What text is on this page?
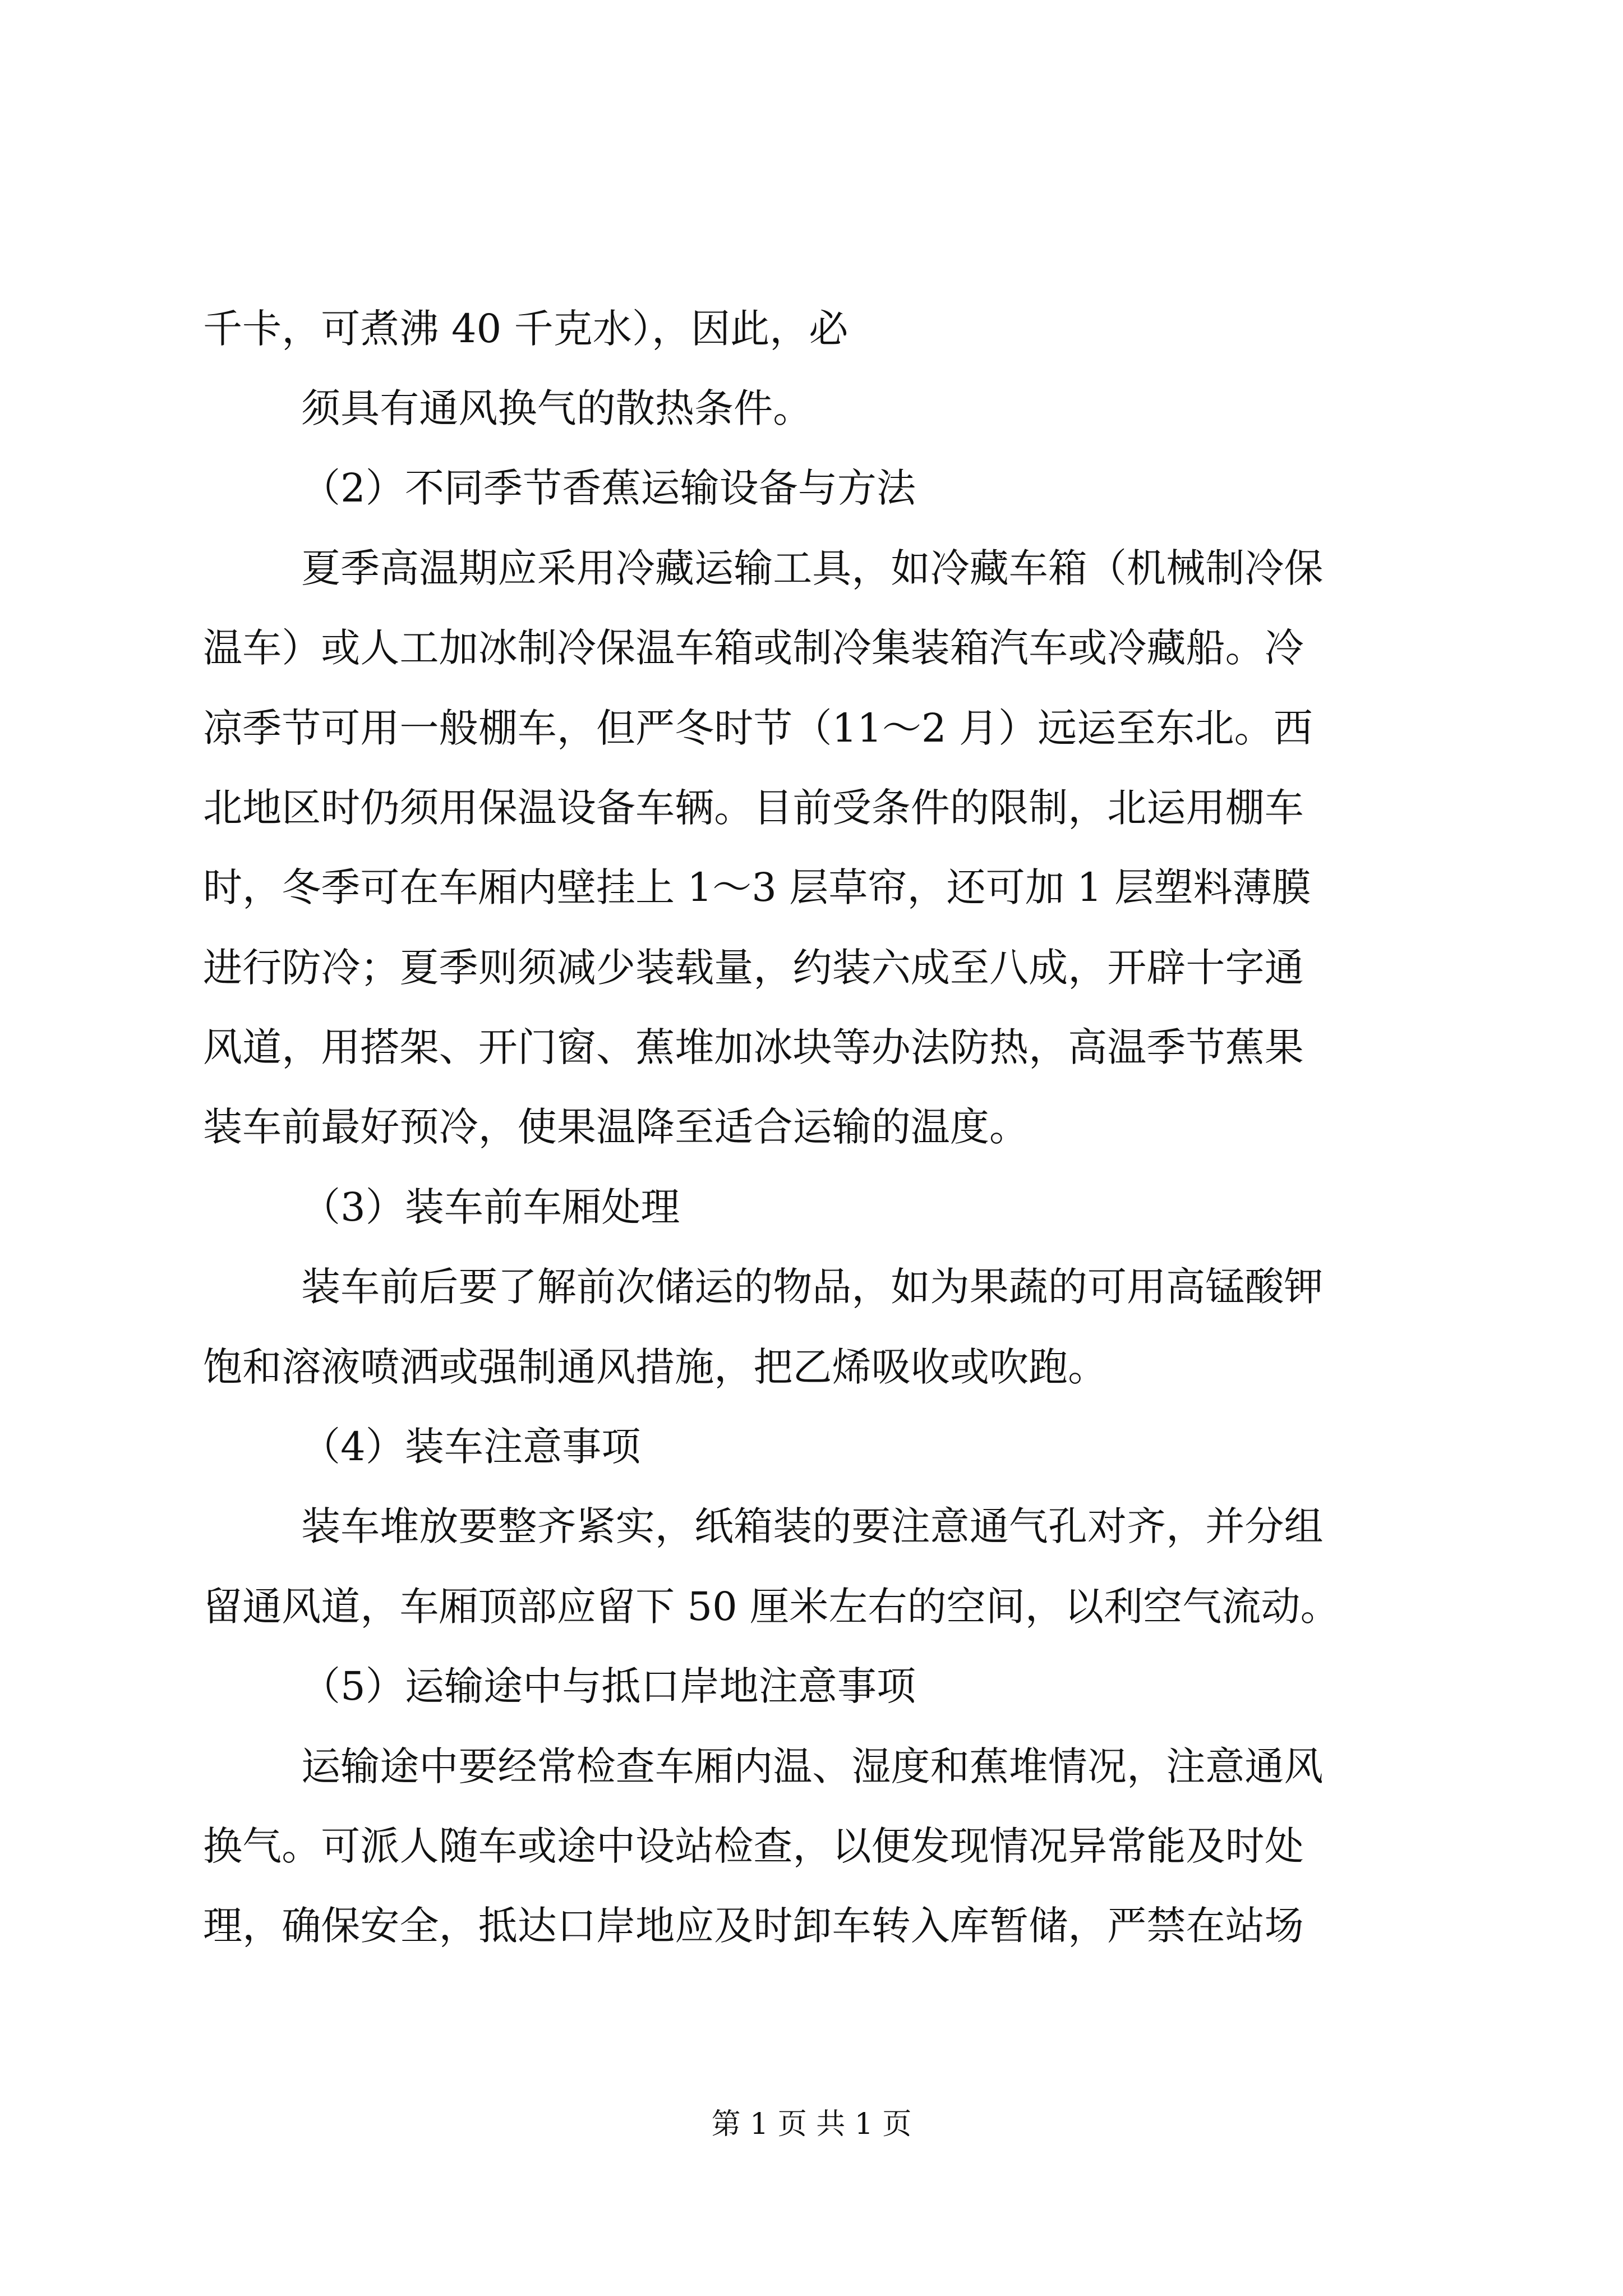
千卡，可煮沸 40 千克水），因此，必
须具有通风换气的散热条件。
（2）不同季节香蕉运输设备与方法
夏季高温期应采用冷藏运输工具，如冷藏车箱（机械制冷保
温车）或人工加冰制冷保温车箱或制冷集装箱汽车或冷藏船。冷
凉季节可用一般棚车，但严冬时节（11～2 月）远运至东北。西
北地区时仍须用保温设备车辆。目前受条件的限制，北运用棚车
时，冬季可在车厢内壁挂上 1～3 层草帘，还可加 1 层塑料薄膜
进行防冷；夏季则须减少装载量，约装六成至八成，开辟十字通
风道，用搭架、开门窗、蕉堆加冰块等办法防热，高温季节蕉果
装车前最好预冷，使果温降至适合运输的温度。
（3）装车前车厢处理
装车前后要了解前次储运的物品，如为果蔬的可用高锰酸钾
饱和溶液喷洒或强制通风措施，把乙烯吸收或吹跑。
（4）装车注意事项
装车堆放要整齐紧实，纸箱装的要注意通气孔对齐，并分组
留通风道，车厢顶部应留下 50 厘米左右的空间，以利空气流动。
（5）运输途中与抵口岸地注意事项
运输途中要经常检查车厢内温、湿度和蕉堆情况，注意通风
换气。可派人随车或途中设站检查，以便发现情况异常能及时处
理，确保安全，抵达口岸地应及时卸车转入库暂储，严禁在站场
第 1 页 共 1 页
